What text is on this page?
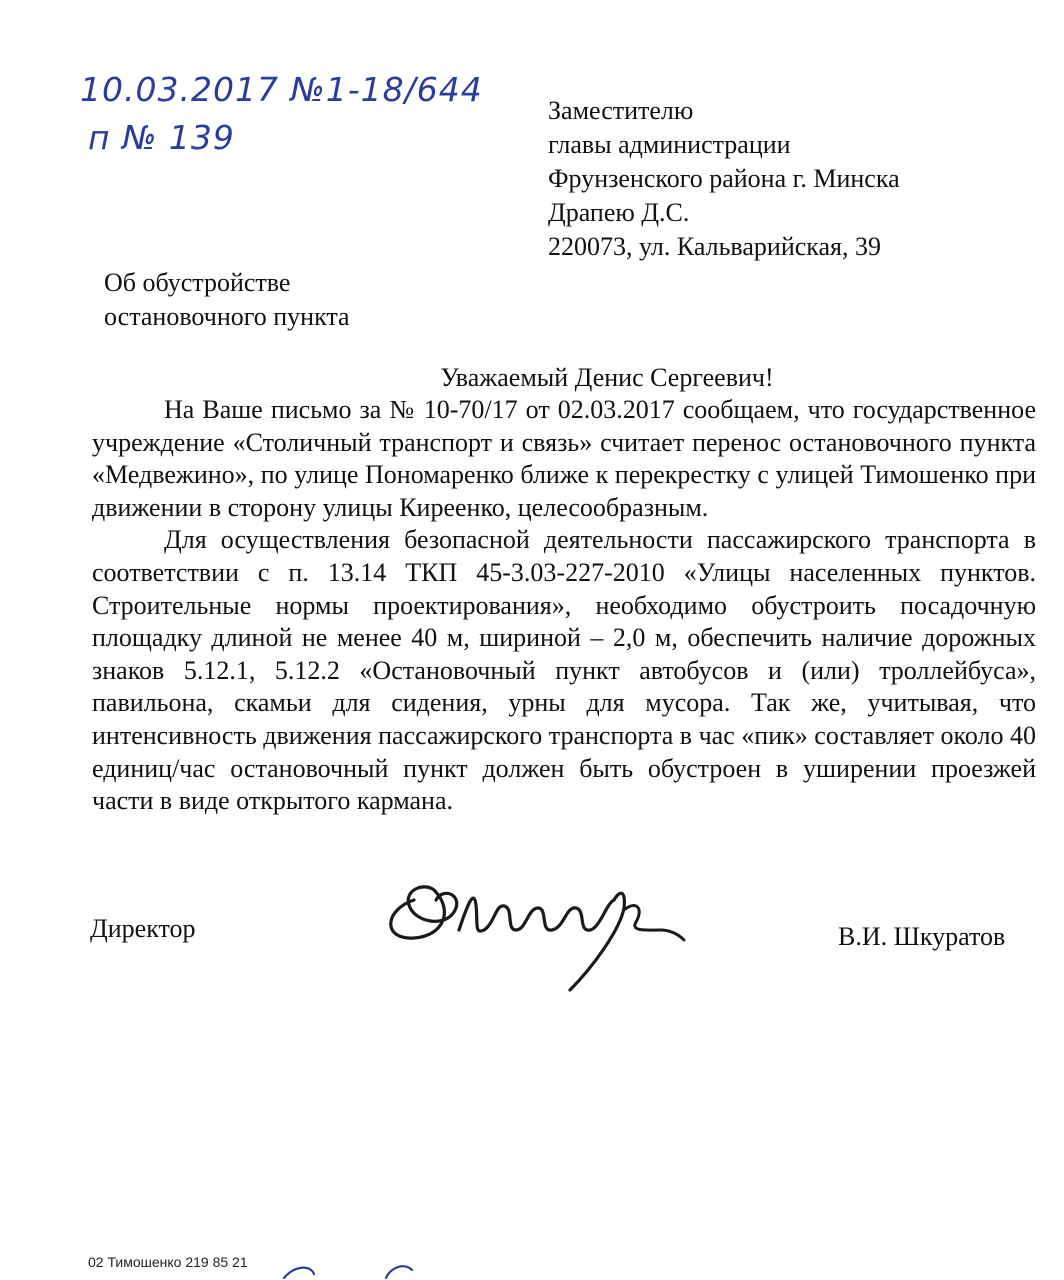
10.03.2017 №1-18/644
п № 139
Заместителю
главы администрации
Фрунзенского района г. Минска
Драпею Д.С.
220073, ул. Кальварийская, 39
Об обустройстве
остановочного пункта
Уважаемый Денис Сергеевич!

На Ваше письмо за № 10-70/17 от 02.03.2017 сообщаем, что государственное учреждение «Столичный транспорт и связь» считает перенос остановочного пункта «Медвежино», по улице Пономаренко ближе к перекрестку с улицей Тимошенко при движении в сторону улицы Киреенко, целесообразным.

Для осуществления безопасной деятельности пассажирского транспорта в соответствии с п. 13.14 ТКП 45-3.03-227-2010 «Улицы населенных пунктов. Строительные нормы проектирования», необходимо обустроить посадочную площадку длиной не менее 40 м, шириной – 2,0 м, обеспечить наличие дорожных знаков 5.12.1, 5.12.2 «Остановочный пункт автобусов и (или) троллейбуса», павильона, скамьи для сидения, урны для мусора. Так же, учитывая, что интенсивность движения пассажирского транспорта в час «пик» составляет около 40 единиц/час остановочный пункт должен быть обустроен в уширении проезжей части в виде открытого кармана.

Директор	В.И. Шкуратов
02 Тимошенко 219 85 21
